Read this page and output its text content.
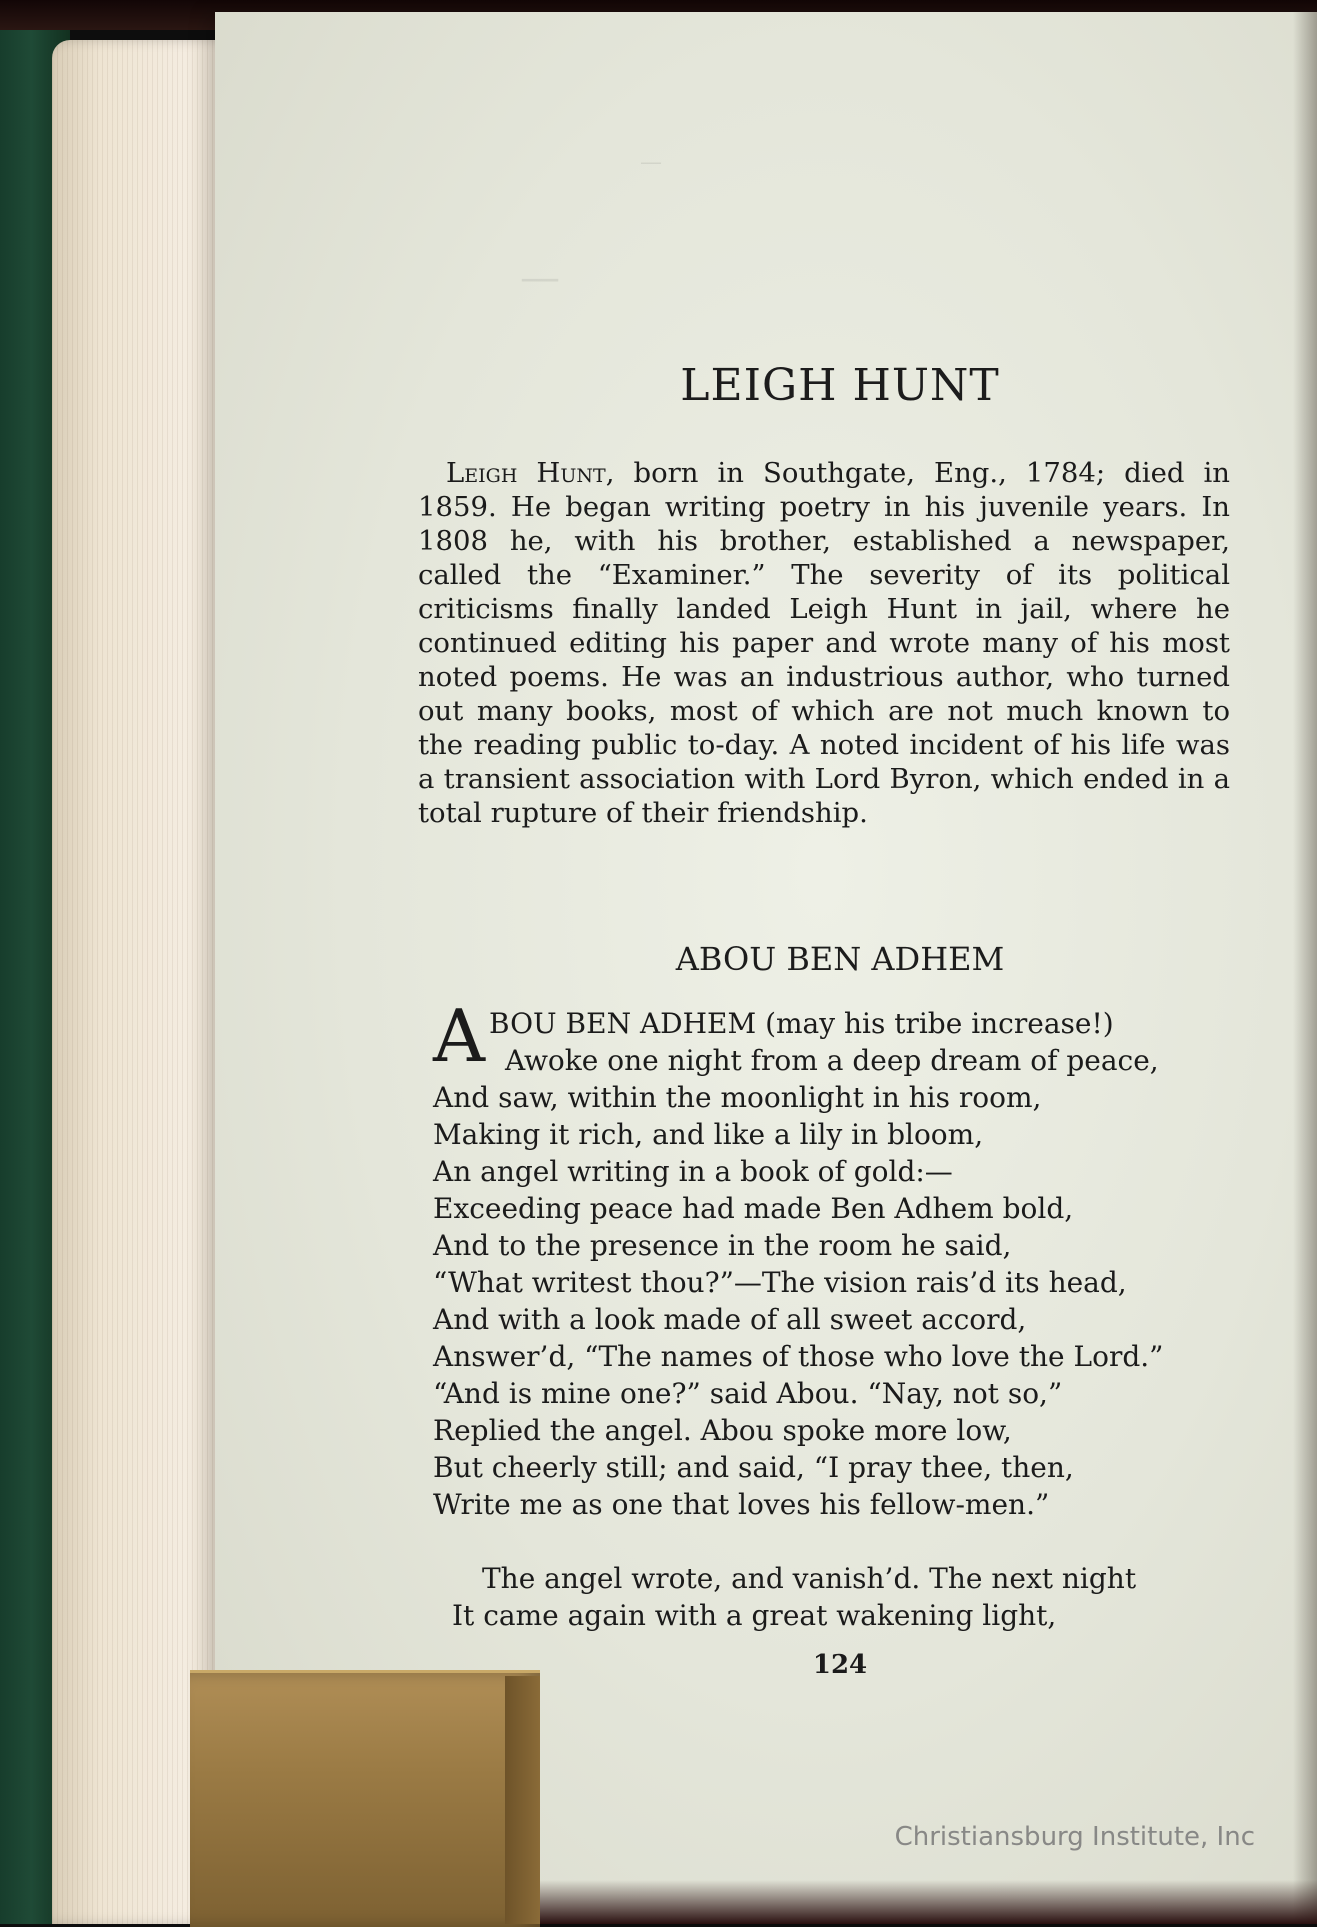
—
—
LEIGH HUNT
Leigh Hunt, born in Southgate, Eng., 1784; died in 1859. He began writing poetry in his juvenile years. In 1808 he, with his brother, established a newspaper, called the “Examiner.” The severity of its political criticisms finally landed Leigh Hunt in jail, where he continued editing his paper and wrote many of his most noted poems. He was an industrious author, who turned out many books, most of which are not much known to the reading public to-day. A noted incident of his life was a transient association with Lord Byron, which ended in a total rupture of their friendship.
ABOU BEN ADHEM
A BOU BEN ADHEM (may his tribe increase!)
Awoke one night from a deep dream of peace,
And saw, within the moonlight in his room,
Making it rich, and like a lily in bloom,
An angel writing in a book of gold:—
Exceeding peace had made Ben Adhem bold,
And to the presence in the room he said,
“What writest thou?”—The vision rais’d its head,
And with a look made of all sweet accord,
Answer’d, “The names of those who love the Lord.”
“And is mine one?” said Abou. “Nay, not so,”
Replied the angel. Abou spoke more low,
But cheerly still; and said, “I pray thee, then,
Write me as one that loves his fellow-men.”
The angel wrote, and vanish’d. The next night
It came again with a great wakening light,
124
Christiansburg Institute, Inc
